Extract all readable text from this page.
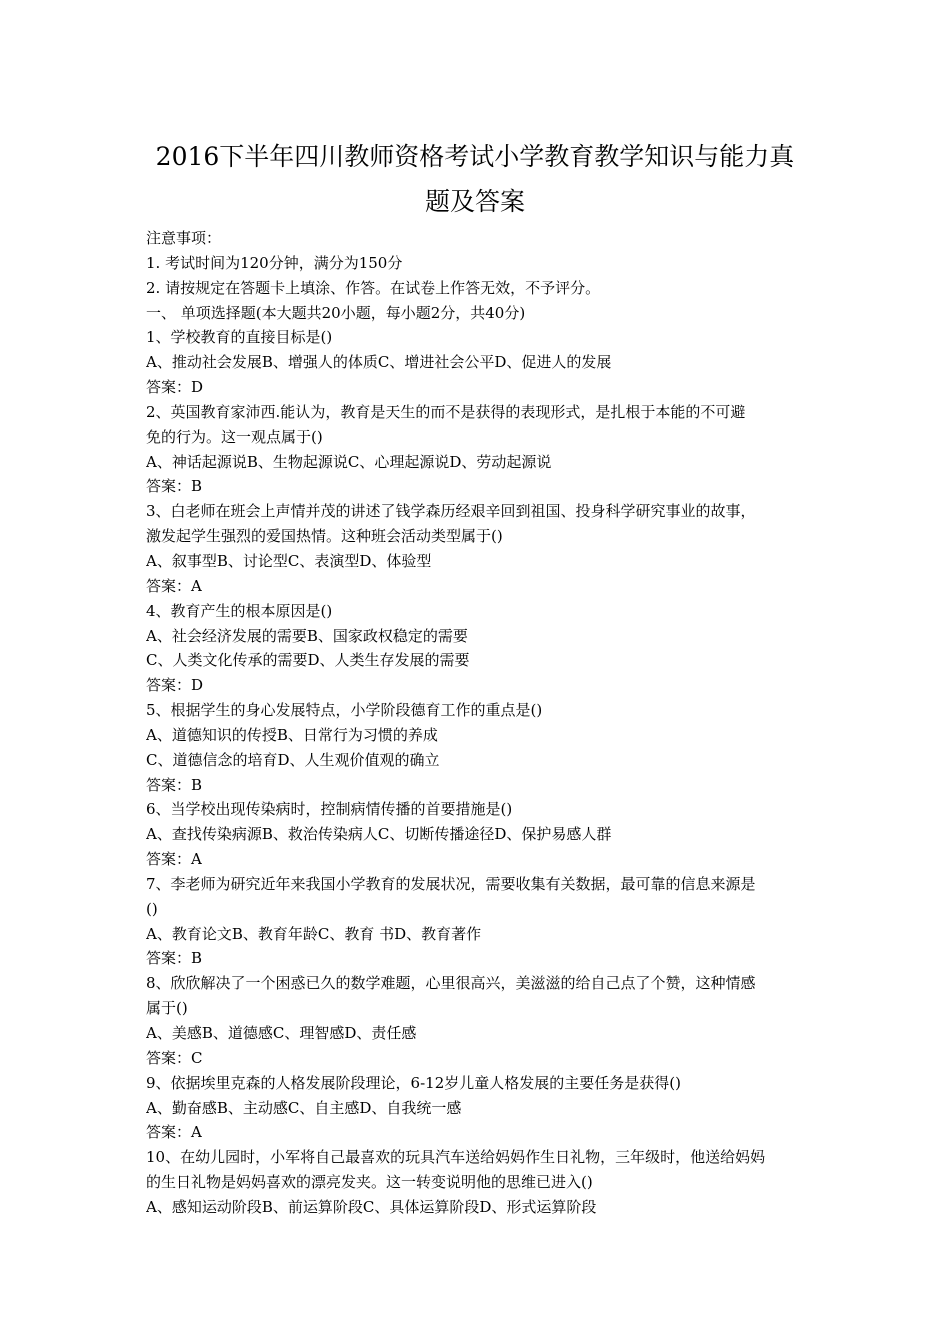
2016下半年四川教师资格考试小学教育教学知识与能力真
题及答案
注意事项：
1. 考试时间为120分钟，满分为150分
2. 请按规定在答题卡上填涂、作答。在试卷上作答无效，不予评分。
一、 单项选择题(本大题共20小题，每小题2分，共40分)
1、学校教育的直接目标是()
A、推动社会发展B、增强人的体质C、增进社会公平D、促进人的发展
答案：D
2、英国教育家沛西.能认为，教育是天生的而不是获得的表现形式，是扎根于本能的不可避
免的行为。这一观点属于()
A、神话起源说B、生物起源说C、心理起源说D、劳动起源说
答案：B
3、白老师在班会上声情并茂的讲述了钱学森历经艰辛回到祖国、投身科学研究事业的故事，
激发起学生强烈的爱国热情。这种班会活动类型属于()
A、叙事型B、讨论型C、表演型D、体验型
答案：A
4、教育产生的根本原因是()
A、社会经济发展的需要B、国家政权稳定的需要
C、人类文化传承的需要D、人类生存发展的需要
答案：D
5、根据学生的身心发展特点，小学阶段德育工作的重点是()
A、道德知识的传授B、日常行为习惯的养成
C、道德信念的培育D、人生观价值观的确立
答案：B
6、当学校出现传染病时，控制病情传播的首要措施是()
A、查找传染病源B、救治传染病人C、切断传播途径D、保护易感人群
答案：A
7、李老师为研究近年来我国小学教育的发展状况，需要收集有关数据，最可靠的信息来源是
()
A、教育论文B、教育年龄C、教育 书D、教育著作
答案：B
8、欣欣解决了一个困惑已久的数学难题，心里很高兴，美滋滋的给自己点了个赞，这种情感
属于()
A、美感B、道德感C、理智感D、责任感
答案：C
9、依据埃里克森的人格发展阶段理论，6-12岁儿童人格发展的主要任务是获得()
A、勤奋感B、主动感C、自主感D、自我统一感
答案：A
10、在幼儿园时，小军将自己最喜欢的玩具汽车送给妈妈作生日礼物，三年级时，他送给妈妈
的生日礼物是妈妈喜欢的漂亮发夹。这一转变说明他的思维已进入()
A、感知运动阶段B、前运算阶段C、具体运算阶段D、形式运算阶段
